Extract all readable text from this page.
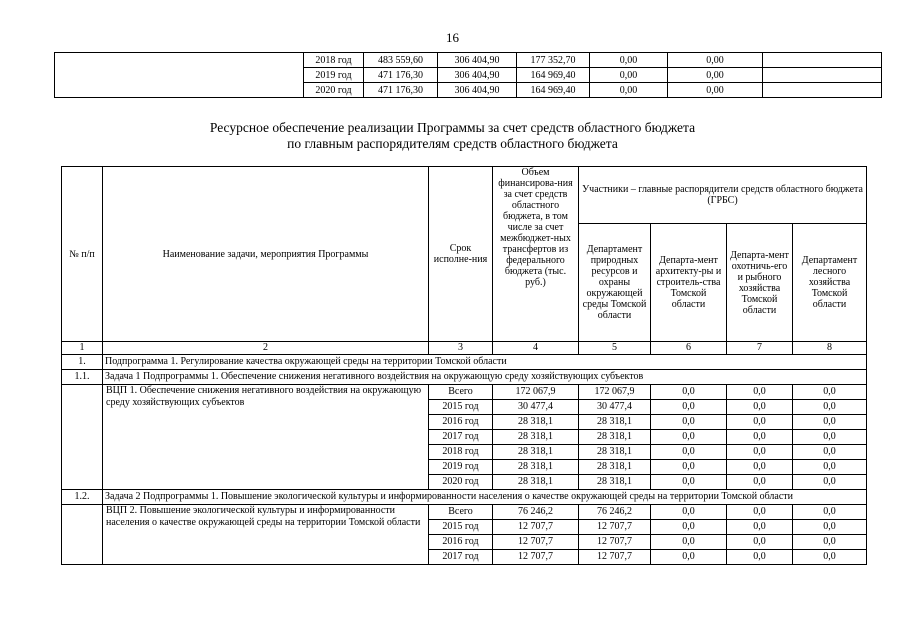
16
	2018 год	483 559,60	306 404,90	177 352,70	0,00	0,00	
	2019 год	471 176,30	306 404,90	164 969,40	0,00	0,00	
	2020 год	471 176,30	306 404,90	164 969,40	0,00	0,00	
Ресурсное обеспечение реализации Программы за счет средств областного бюджета
по главным распорядителям средств областного бюджета
№ п/п	Наименование задачи, мероприятия Программы	Срок исполне-ния	Объем финансирова-ния за счет средств областного бюджета, в том числе за счет межбюджет-ных трансфертов из федерального бюджета (тыс. руб.)	Участники – главные распорядители средств областного бюджета (ГРБС)			
				Департамент природных ресурсов и охраны окружающей среды Томской области	Департа-мент архитекту-ры и строитель-ства Томской области	Департа-мент охотничь-его и рыбного хозяйства Томской области	Департамент лесного хозяйства Томской области
1	2	3	4	5	6	7	8
1.	Подпрограмма 1. Регулирование качества окружающей среды на территории Томской области						
1.1.	Задача 1 Подпрограммы 1. Обеспечение снижения негативного воздействия на окружающую среду хозяйствующих субъектов						
	ВЦП 1. Обеспечение снижения негативного воздействия на окружающую среду хозяйствующих субъектов	Всего	172 067,9	172 067,9	0,0	0,0	0,0
		2015 год	30 477,4	30 477,4	0,0	0,0	0,0
		2016 год	28 318,1	28 318,1	0,0	0,0	0,0
		2017 год	28 318,1	28 318,1	0,0	0,0	0,0
		2018 год	28 318,1	28 318,1	0,0	0,0	0,0
		2019 год	28 318,1	28 318,1	0,0	0,0	0,0
		2020 год	28 318,1	28 318,1	0,0	0,0	0,0
1.2.	Задача 2 Подпрограммы 1. Повышение экологической культуры и информированности населения о качестве окружающей среды на территории Томской области						
	ВЦП 2. Повышение экологической культуры и информированности населения о качестве окружающей среды на территории Томской области	Всего	76 246,2	76 246,2	0,0	0,0	0,0
		2015 год	12 707,7	12 707,7	0,0	0,0	0,0
		2016 год	12 707,7	12 707,7	0,0	0,0	0,0
		2017 год	12 707,7	12 707,7	0,0	0,0	0,0
